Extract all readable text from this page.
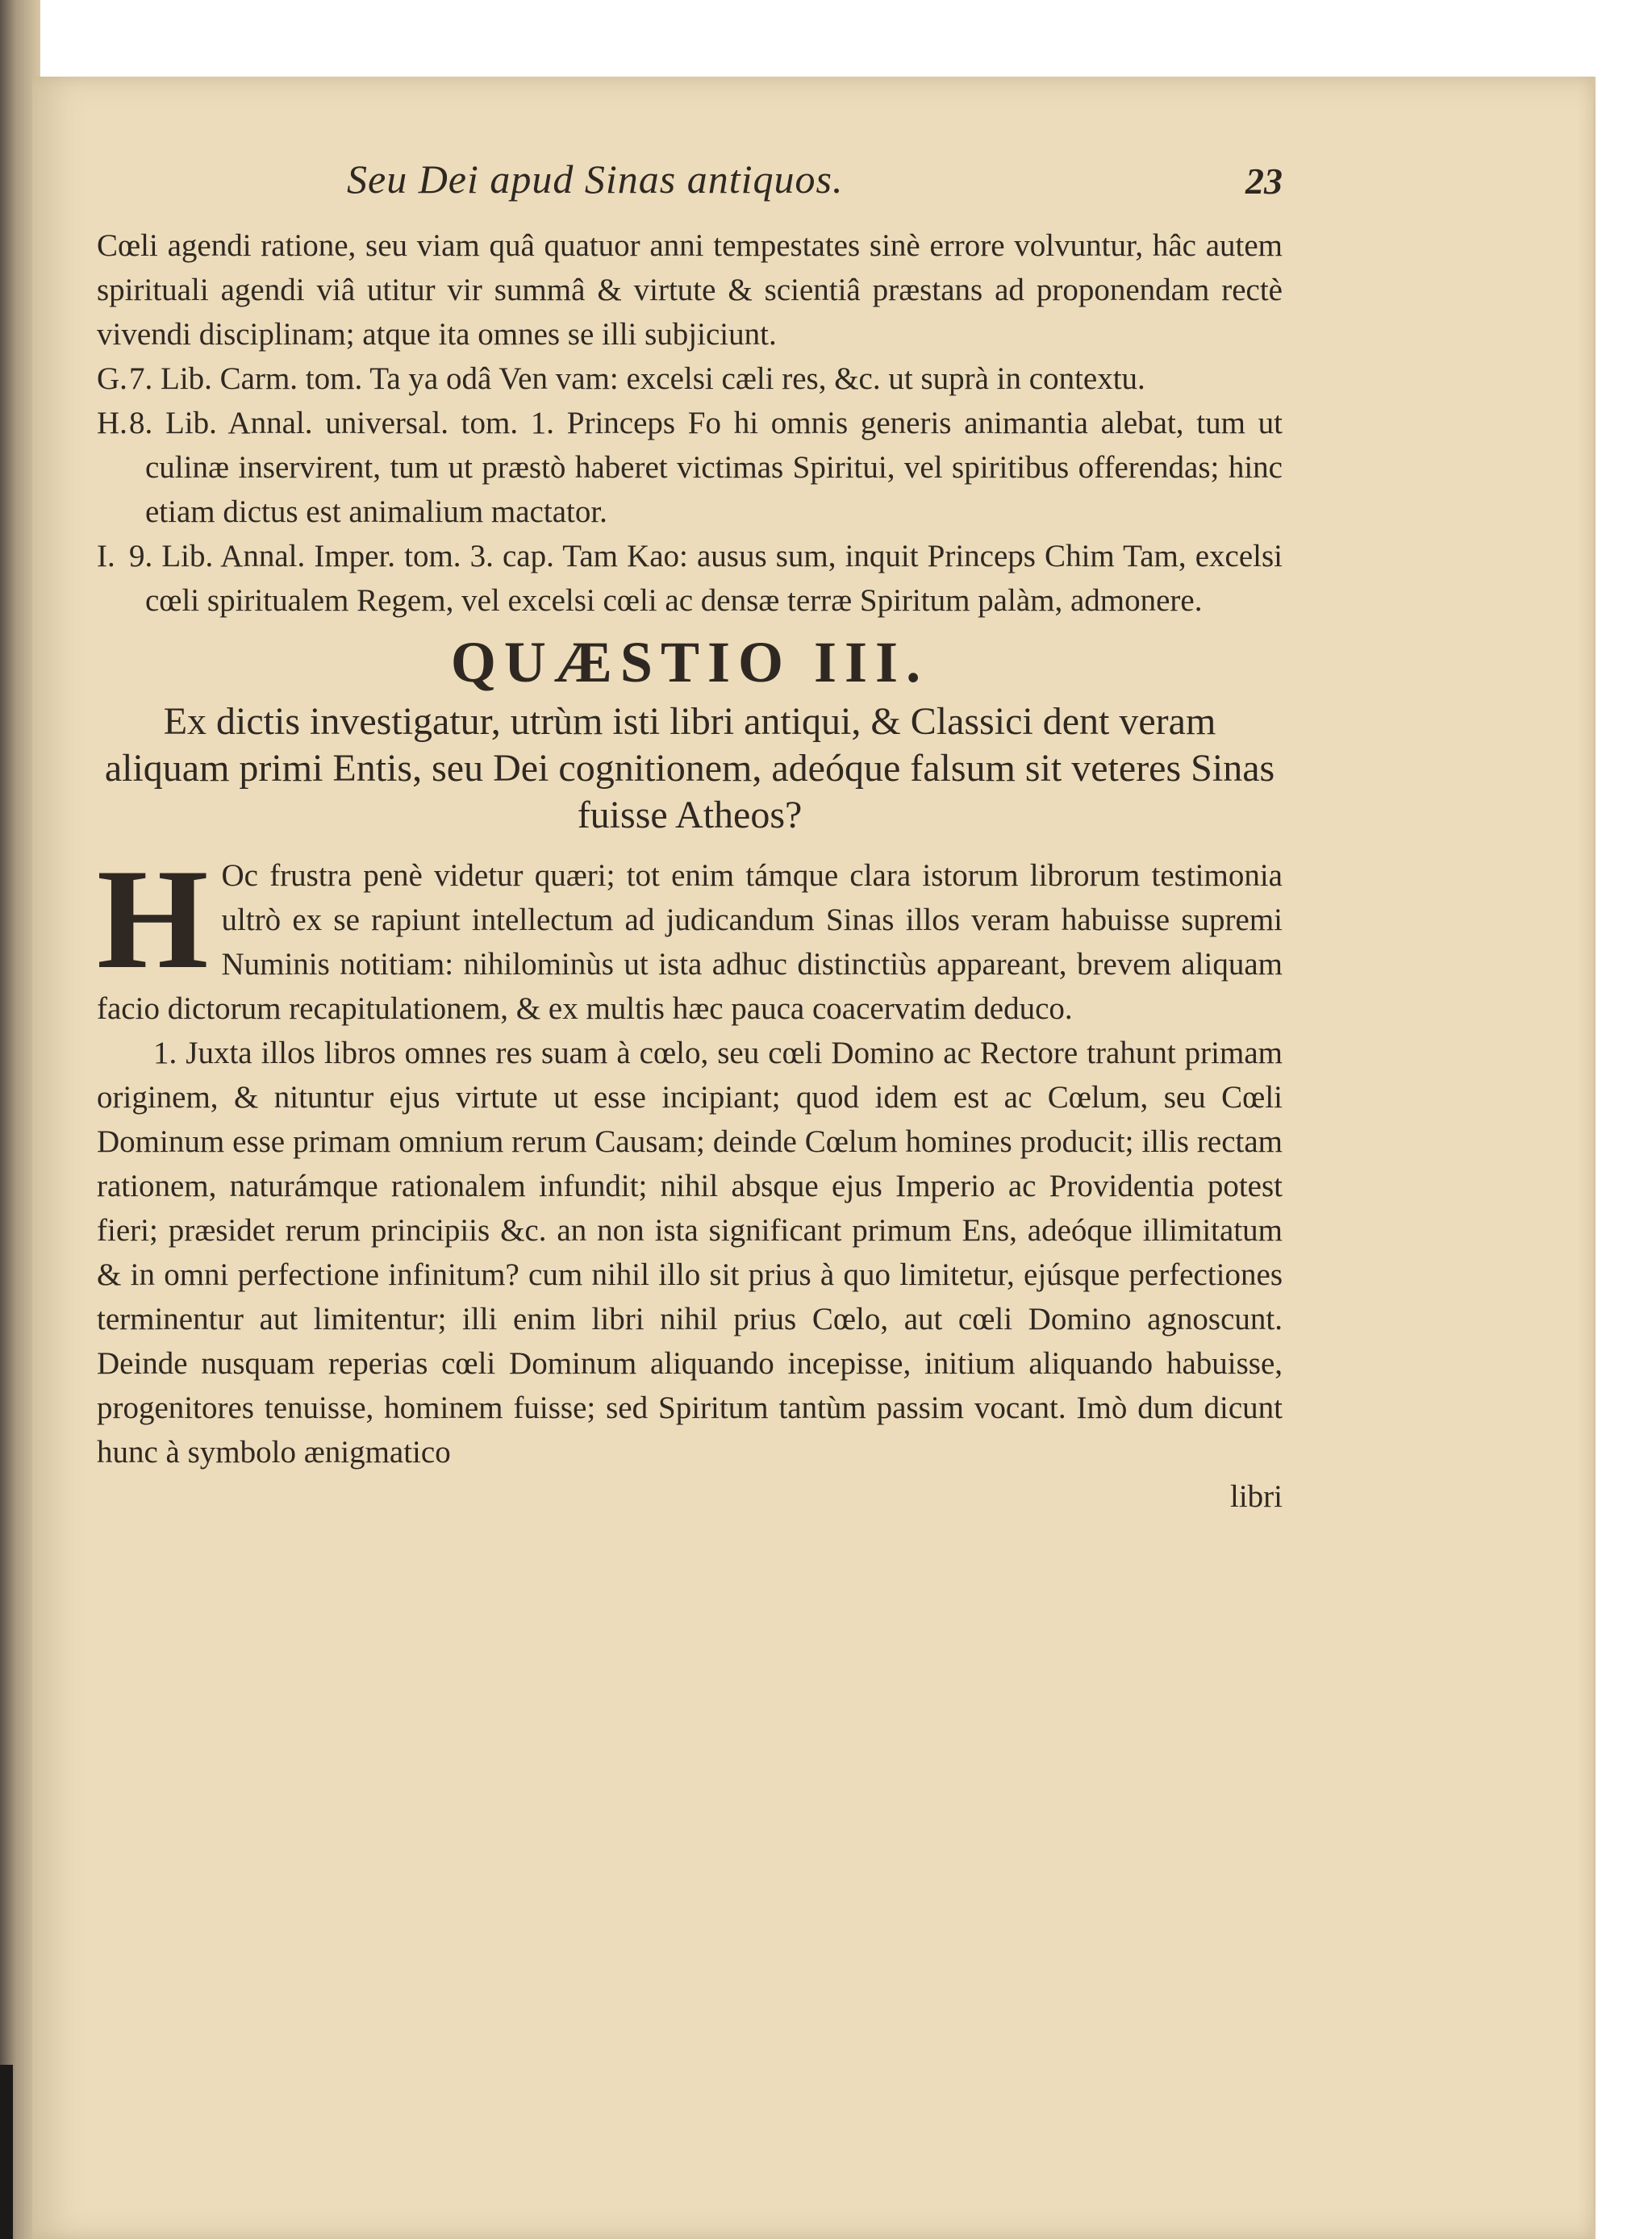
Seu Dei apud Sinas antiquos.	23

Cœli agendi ratione, seu viam quâ quatuor anni tempestates sinè errore volvuntur, hâc autem spirituali agendi viâ utitur vir summâ & virtute & scientiâ præstans ad proponendam rectè vivendi disciplinam; atque ita omnes se illi subjiciunt.

G.7. Lib. Carm. tom. Ta ya odâ Ven vam: excelsi cæli res, &c. ut suprà in contextu.

H.8. Lib. Annal. universal. tom. 1. Princeps Fo hi omnis generis animantia alebat, tum ut culinæ inservirent, tum ut præstò haberet victimas Spiritui, vel spiritibus offerendas; hinc etiam dictus est animalium mactator.

I. 9. Lib. Annal. Imper. tom. 3. cap. Tam Kao: ausus sum, inquit Princeps Chim Tam, excelsi cœli spiritualem Regem, vel excelsi cœli ac densæ terræ Spiritum palàm, admonere.

QUÆSTIO III.

Ex dictis investigatur, utrùm isti libri antiqui, & Classici dent veram aliquam primi Entis, seu Dei cognitionem, adeóque falsum sit veteres Sinas fuisse Atheos?

H Oc frustra penè videtur quæri; tot enim támque clara istorum librorum testimonia ultrò ex se rapiunt intellectum ad judicandum Sinas illos veram habuisse supremi Numinis notitiam: nihilominùs ut ista adhuc distinctiùs appareant, brevem aliquam facio dictorum recapitulationem, & ex multis hæc pauca coacervatim deduco.

1. Juxta illos libros omnes res suam à cœlo, seu cœli Domino ac Rectore trahunt primam originem, & nituntur ejus virtute ut esse incipiant; quod idem est ac Cœlum, seu Cœli Dominum esse primam omnium rerum Causam; deinde Cœlum homines producit; illis rectam rationem, naturámque rationalem infundit; nihil absque ejus Imperio ac Providentia potest fieri; præsidet rerum principiis &c. an non ista significant primum Ens, adeóque illimitatum & in omni perfectione infinitum? cum nihil illo sit prius à quo limitetur, ejúsque perfectiones terminentur aut limitentur; illi enim libri nihil prius Cœlo, aut cœli Domino agnoscunt. Deinde nusquam reperias cœli Dominum aliquando incepisse, initium aliquando habuisse, progenitores tenuisse, hominem fuisse; sed Spiritum tantùm passim vocant. Imò dum dicunt hunc à symbolo ænigmatico

libri
